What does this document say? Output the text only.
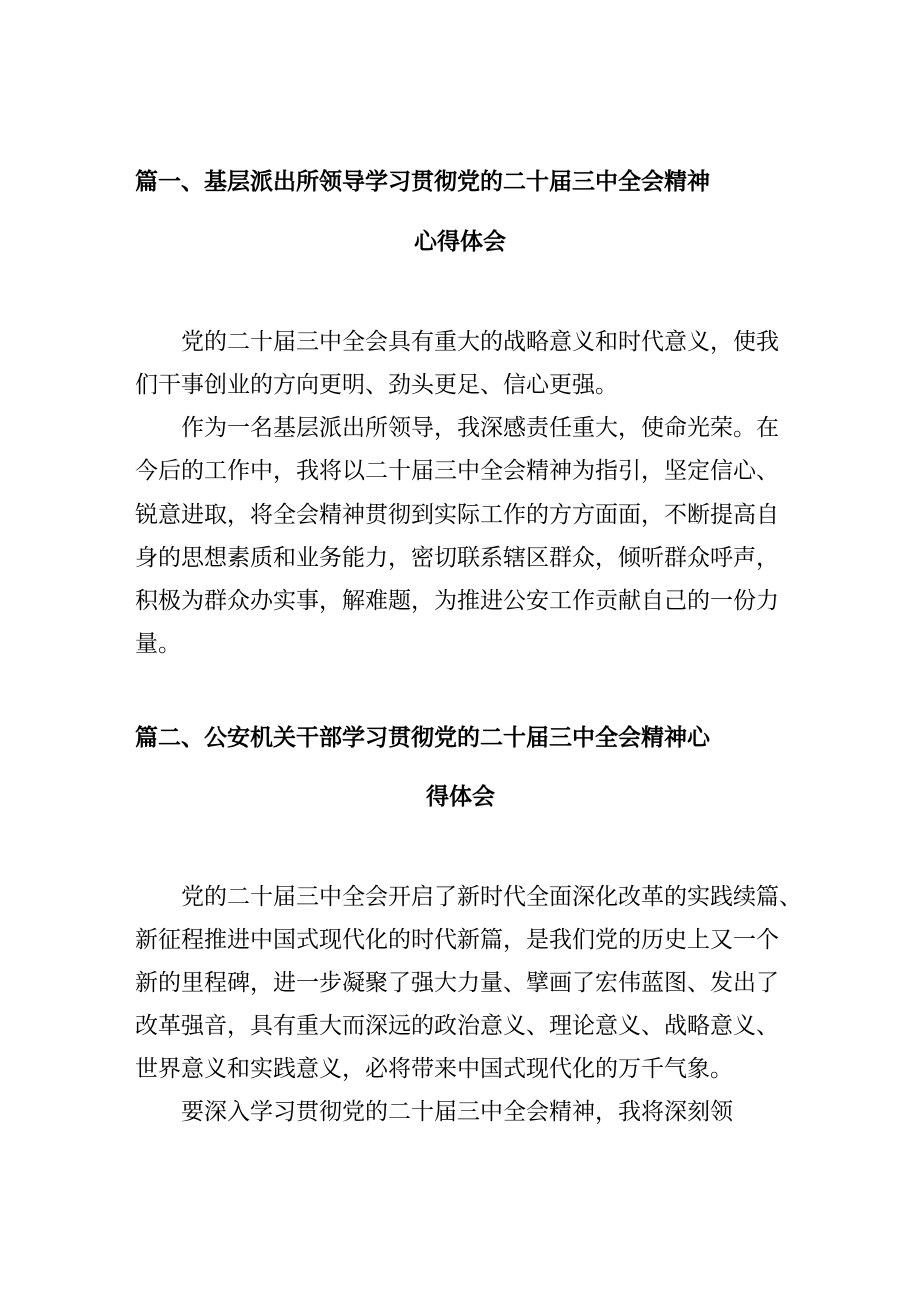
篇一、基层派出所领导学习贯彻党的二十届三中全会精神
心得体会

　　党的二十届三中全会具有重大的战略意义和时代意义，使我

们干事创业的方向更明、劲头更足、信心更强。

　　作为一名基层派出所领导，我深感责任重大，使命光荣。在

今后的工作中，我将以二十届三中全会精神为指引，坚定信心、

锐意进取，将全会精神贯彻到实际工作的方方面面，不断提高自

身的思想素质和业务能力，密切联系辖区群众，倾听群众呼声，

积极为群众办实事，解难题，为推进公安工作贡献自己的一份力

量。

篇二、公安机关干部学习贯彻党的二十届三中全会精神心
得体会

　　党的二十届三中全会开启了新时代全面深化改革的实践续篇、

新征程推进中国式现代化的时代新篇，是我们党的历史上又一个

新的里程碑，进一步凝聚了强大力量、擘画了宏伟蓝图、发出了

改革强音，具有重大而深远的政治意义、理论意义、战略意义、

世界意义和实践意义，必将带来中国式现代化的万千气象。

　　要深入学习贯彻党的二十届三中全会精神，我将深刻领
